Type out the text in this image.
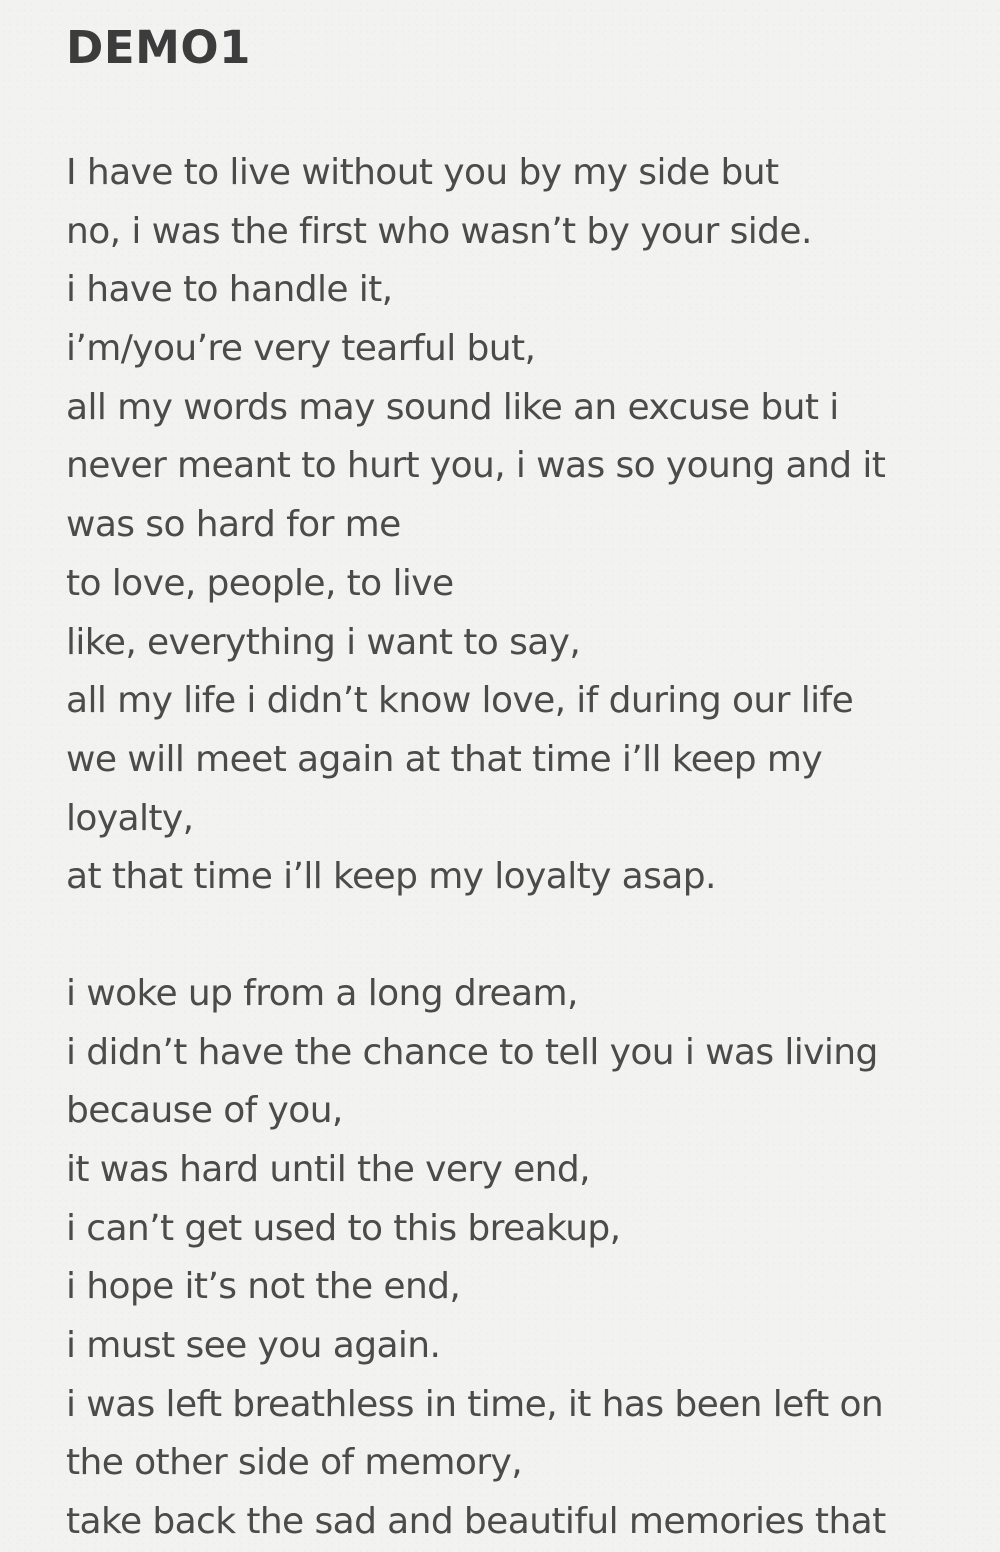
DEMO1
I have to live without you by my side but
no, i was the first who wasn’t by your side.
i have to handle it,
i’m/you’re very tearful but,
all my words may sound like an excuse but i
never meant to hurt you, i was so young and it
was so hard for me
to love, people, to live
like, everything i want to say,
all my life i didn’t know love, if during our life
we will meet again at that time i’ll keep my
loyalty,
at that time i’ll keep my loyalty asap.
i woke up from a long dream,
i didn’t have the chance to tell you i was living
because of you,
it was hard until the very end,
i can’t get used to this breakup,
i hope it’s not the end,
i must see you again.
i was left breathless in time, it has been left on
the other side of memory,
take back the sad and beautiful memories that
